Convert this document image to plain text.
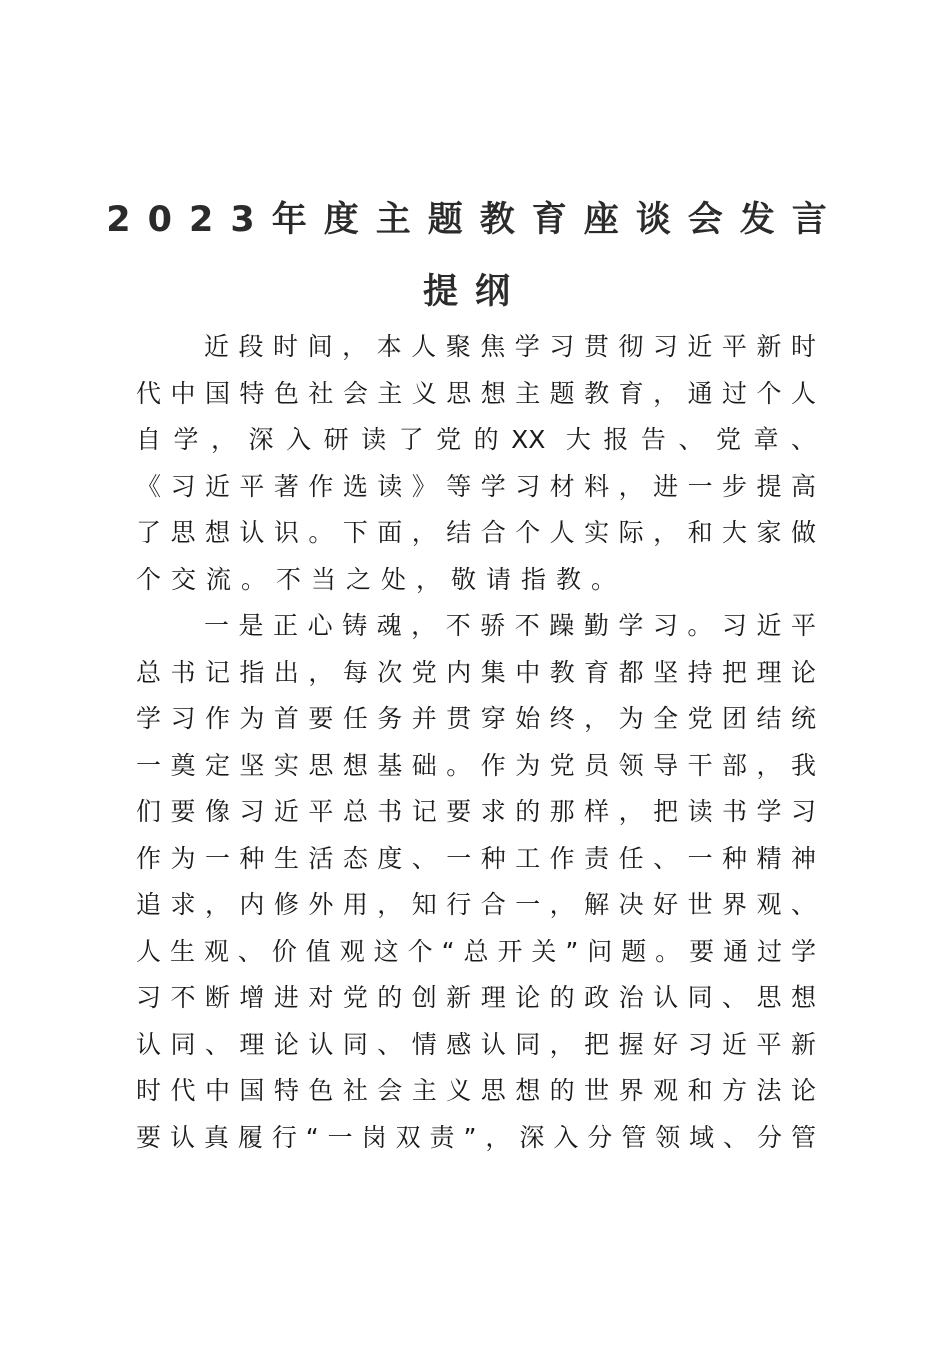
2023年度主题教育座谈会发言
提纲
近段时间，本人聚焦学习贯彻习近平新时
代中国特色社会主义思想主题教育，通过个人
自学，深入研读了党的XX 大报告、党章、
《习近平著作选读》等学习材料，进一步提高
了思想认识。下面，结合个人实际，和大家做
个交流。不当之处，敬请指教。
一是正心铸魂，不骄不躁勤学习。习近平
总书记指出，每次党内集中教育都坚持把理论
学习作为首要任务并贯穿始终，为全党团结统
一奠定坚实思想基础。作为党员领导干部，我
们要像习近平总书记要求的那样，把读书学习
作为一种生活态度、一种工作责任、一种精神
追求，内修外用，知行合一，解决好世界观、
人生观、价值观这个“总开关”问题。要通过学
习不断增进对党的创新理论的政治认同、思想
认同、理论认同、情感认同，把握好习近平新
时代中国特色社会主义思想的世界观和方法论
要认真履行“一岗双责”，深入分管领域、分管
